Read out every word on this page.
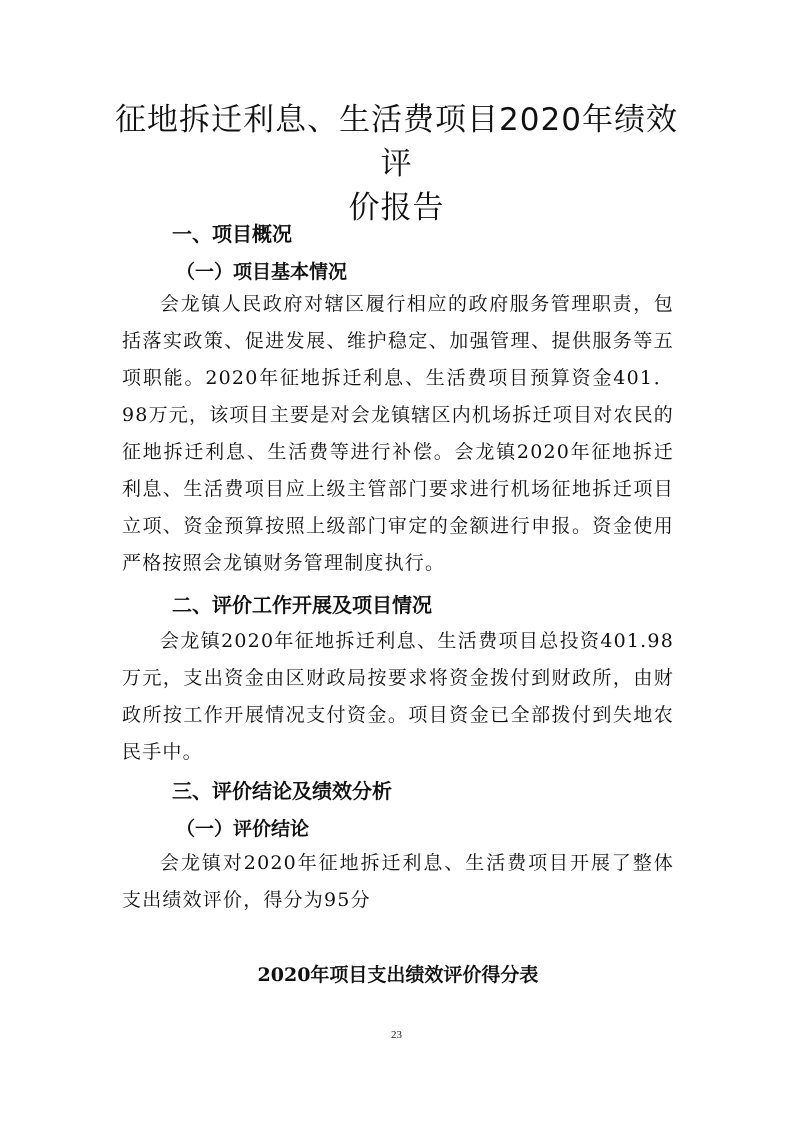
征地拆迁利息、生活费项目2020年绩效评
价报告
一、项目概况
（一）项目基本情况
会龙镇人民政府对辖区履行相应的政府服务管理职责，包括落实政策、促进发展、维护稳定、加强管理、提供服务等五项职能。2020年征地拆迁利息、生活费项目预算资金401．98万元，该项目主要是对会龙镇辖区内机场拆迁项目对农民的征地拆迁利息、生活费等进行补偿。会龙镇2020年征地拆迁利息、生活费项目应上级主管部门要求进行机场征地拆迁项目立项、资金预算按照上级部门审定的金额进行申报。资金使用严格按照会龙镇财务管理制度执行。
二、评价工作开展及项目情况
会龙镇2020年征地拆迁利息、生活费项目总投资401.98万元，支出资金由区财政局按要求将资金拨付到财政所，由财政所按工作开展情况支付资金。项目资金已全部拨付到失地农民手中。
三、评价结论及绩效分析
（一）评价结论
会龙镇对2020年征地拆迁利息、生活费项目开展了整体支出绩效评价，得分为95分
2020年项目支出绩效评价得分表
23
